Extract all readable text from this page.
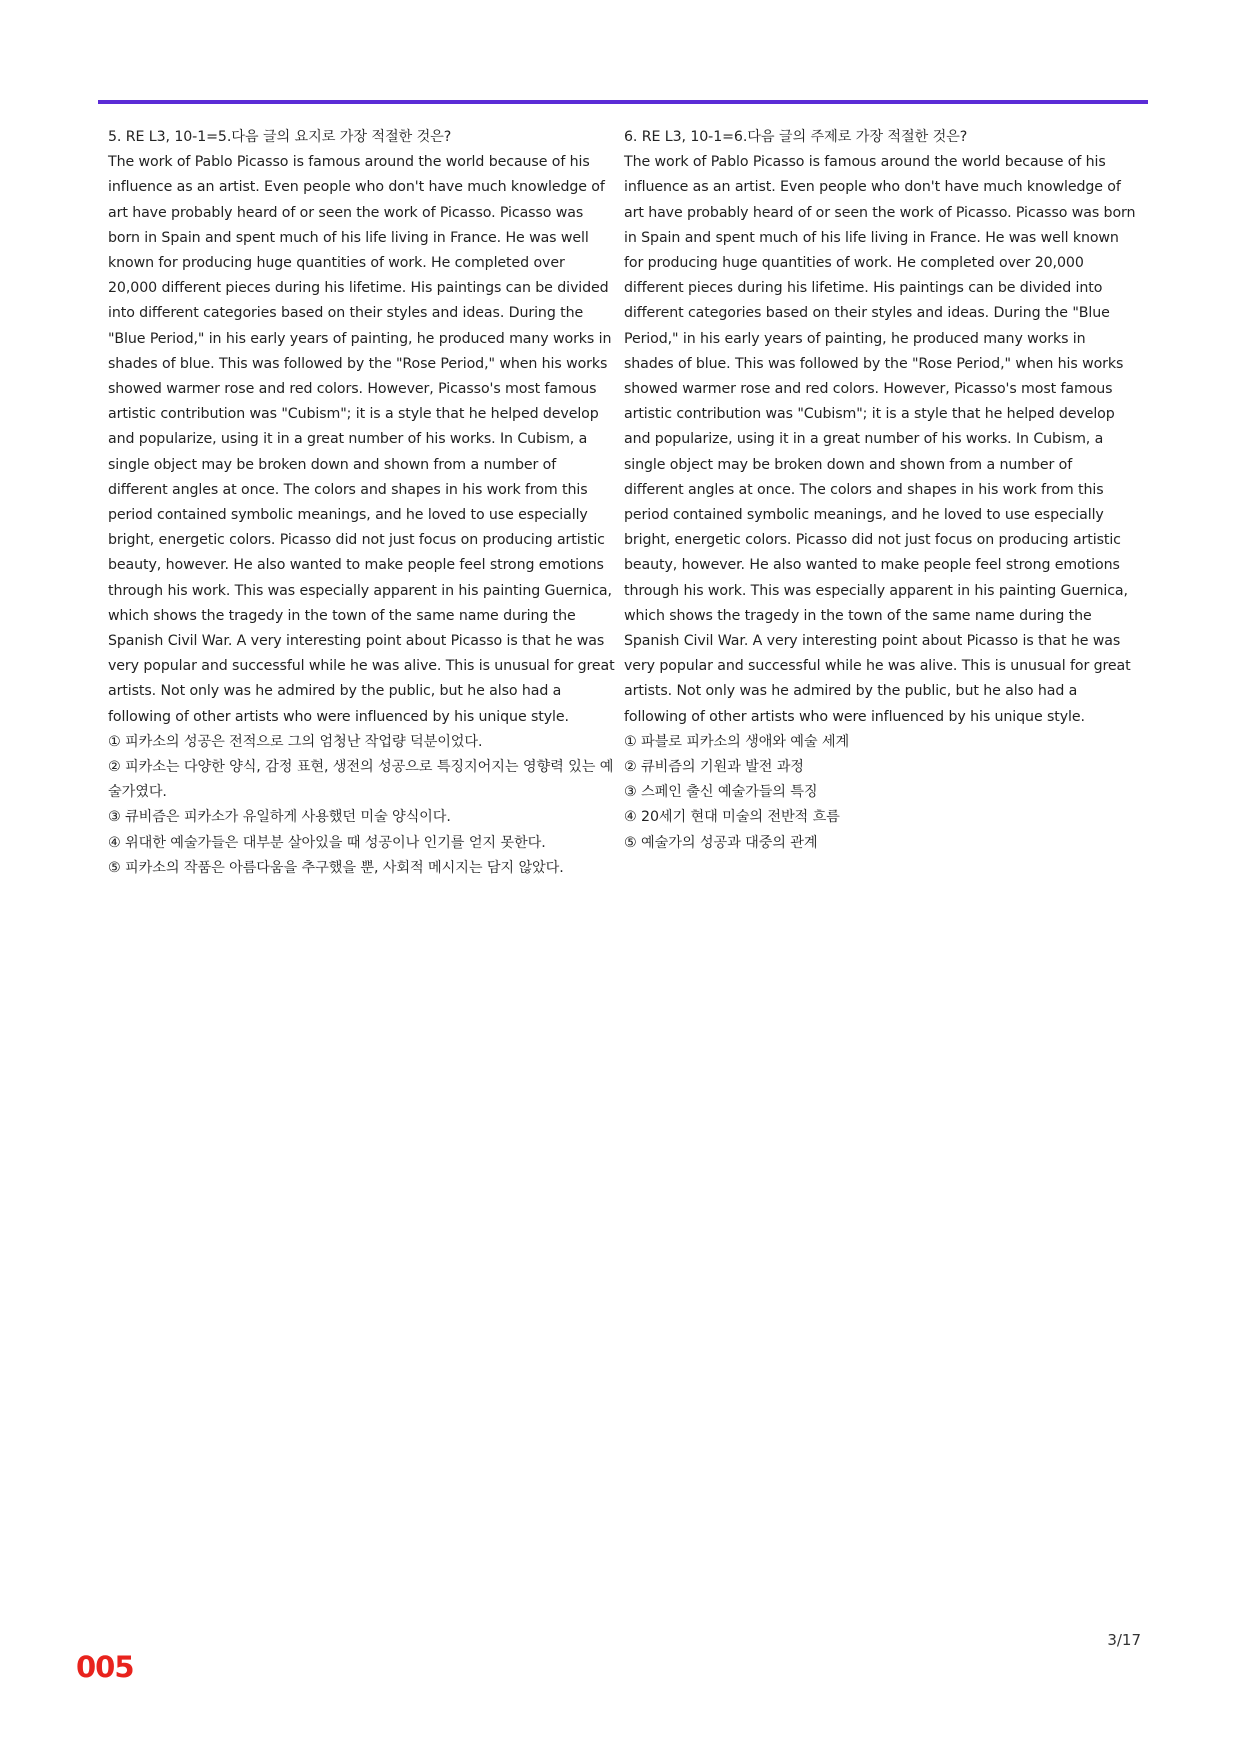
5. RE L3, 10-1=5.다음 글의 요지로 가장 적절한 것은?

The work of Pablo Picasso is famous around the world because of his influence as an artist. Even people who don't have much knowledge of art have probably heard of or seen the work of Picasso. Picasso was born in Spain and spent much of his life living in France. He was well known for producing huge quantities of work. He completed over 20,000 different pieces during his lifetime. His paintings can be divided into different categories based on their styles and ideas. During the "Blue Period," in his early years of painting, he produced many works in shades of blue. This was followed by the "Rose Period," when his works showed warmer rose and red colors. However, Picasso's most famous artistic contribution was "Cubism"; it is a style that he helped develop and popularize, using it in a great number of his works. In Cubism, a single object may be broken down and shown from a number of different angles at once. The colors and shapes in his work from this period contained symbolic meanings, and he loved to use especially bright, energetic colors. Picasso did not just focus on producing artistic beauty, however. He also wanted to make people feel strong emotions through his work. This was especially apparent in his painting Guernica, which shows the tragedy in the town of the same name during the Spanish Civil War. A very interesting point about Picasso is that he was very popular and successful while he was alive. This is unusual for great artists. Not only was he admired by the public, but he also had a following of other artists who were influenced by his unique style.

① 피카소의 성공은 전적으로 그의 엄청난 작업량 덕분이었다.
② 피카소는 다양한 양식, 감정 표현, 생전의 성공으로 특징지어지는 영향력 있는 예술가였다.
③ 큐비즘은 피카소가 유일하게 사용했던 미술 양식이다.
④ 위대한 예술가들은 대부분 살아있을 때 성공이나 인기를 얻지 못한다.
⑤ 피카소의 작품은 아름다움을 추구했을 뿐, 사회적 메시지는 담지 않았다.
6. RE L3, 10-1=6.다음 글의 주제로 가장 적절한 것은?

The work of Pablo Picasso is famous around the world because of his influence as an artist. Even people who don't have much knowledge of art have probably heard of or seen the work of Picasso. Picasso was born in Spain and spent much of his life living in France. He was well known for producing huge quantities of work. He completed over 20,000 different pieces during his lifetime. His paintings can be divided into different categories based on their styles and ideas. During the "Blue Period," in his early years of painting, he produced many works in shades of blue. This was followed by the "Rose Period," when his works showed warmer rose and red colors. However, Picasso's most famous artistic contribution was "Cubism"; it is a style that he helped develop and popularize, using it in a great number of his works. In Cubism, a single object may be broken down and shown from a number of different angles at once. The colors and shapes in his work from this period contained symbolic meanings, and he loved to use especially bright, energetic colors. Picasso did not just focus on producing artistic beauty, however. He also wanted to make people feel strong emotions through his work. This was especially apparent in his painting Guernica, which shows the tragedy in the town of the same name during the Spanish Civil War. A very interesting point about Picasso is that he was very popular and successful while he was alive. This is unusual for great artists. Not only was he admired by the public, but he also had a following of other artists who were influenced by his unique style.

① 파블로 피카소의 생애와 예술 세계
② 큐비즘의 기원과 발전 과정
③ 스페인 출신 예술가들의 특징
④ 20세기 현대 미술의 전반적 흐름
⑤ 예술가의 성공과 대중의 관계
3/17
005
